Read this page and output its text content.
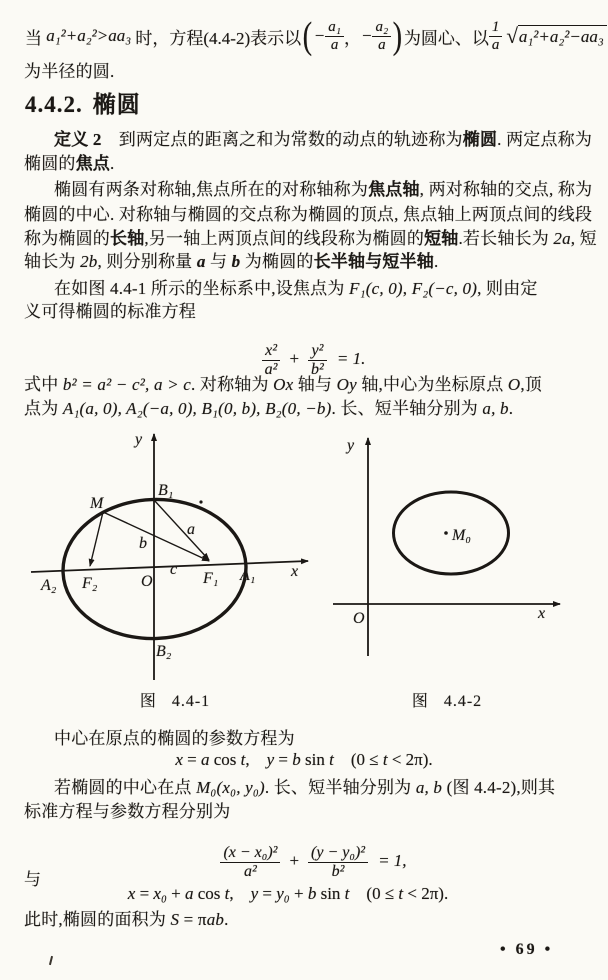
当 a₁²+a₂²>aa₃ 时，方程(4.4-2)表示以 ( − $\frac{\text{a₁}}{a}$ ， − $\frac{\text{a₂}}{a}$ ) 为圆心、以 $\frac{1}{a}$ √ a₁²+a₂²−aa₃
为半径的圆.
4.4.2. 椭圆
定义 2　到两定点的距离之和为常数的动点的轨迹称为椭圆. 两定点称为
椭圆的焦点.
椭圆有两条对称轴,焦点所在的对称轴称为焦点轴, 两对称轴的交点, 称为
椭圆的中心. 对称轴与椭圆的交点称为椭圆的顶点, 焦点轴上两顶点间的线段
称为椭圆的长轴,另一轴上两顶点间的线段称为椭圆的短轴.若长轴长为 2a, 短
轴长为 2b, 则分别称量 a 与 b 为椭圆的长半轴与短半轴.
在如图 4.4-1 所示的坐标系中,设焦点为 F₁(c, 0), F₂(−c, 0), 则由定
义可得椭圆的标准方程

$\frac{\text{x²}}{\text{a²}} + \frac{\text{y²}}{\text{b²}} = 1$.

式中 b² = a² − c², a > c. 对称轴为 Ox 轴与 Oy 轴,中心为坐标原点 O,顶
点为 A₁(a, 0), A₂(−a, 0), B₁(0, b), B₂(0, −b). 长、短半轴分别为 a, b.
y
x
O
B₁
B₂
A₁
A₂	F₁
F₂
M
a
b
c
图   4.4-1
y
x
O
M₀
图   4.4-2
中心在原点的椭圆的参数方程为
x = a cos t,    y = b sin t    (0 ≤ t < 2π).
若椭圆的中心在点 M₀(x₀, y₀). 长、短半轴分别为 a, b (图 4.4-2),则其
标准方程与参数方程分别为

$\frac{\text{(x − x₀)²}}{\text{a²}} + \frac{\text{(y − y₀)²}}{\text{b²}} = 1$,

与
x = x₀ + a cos t,    y = y₀ + b sin t    (0 ≤ t < 2π).
此时,椭圆的面积为 S = πab.
• 69 •
